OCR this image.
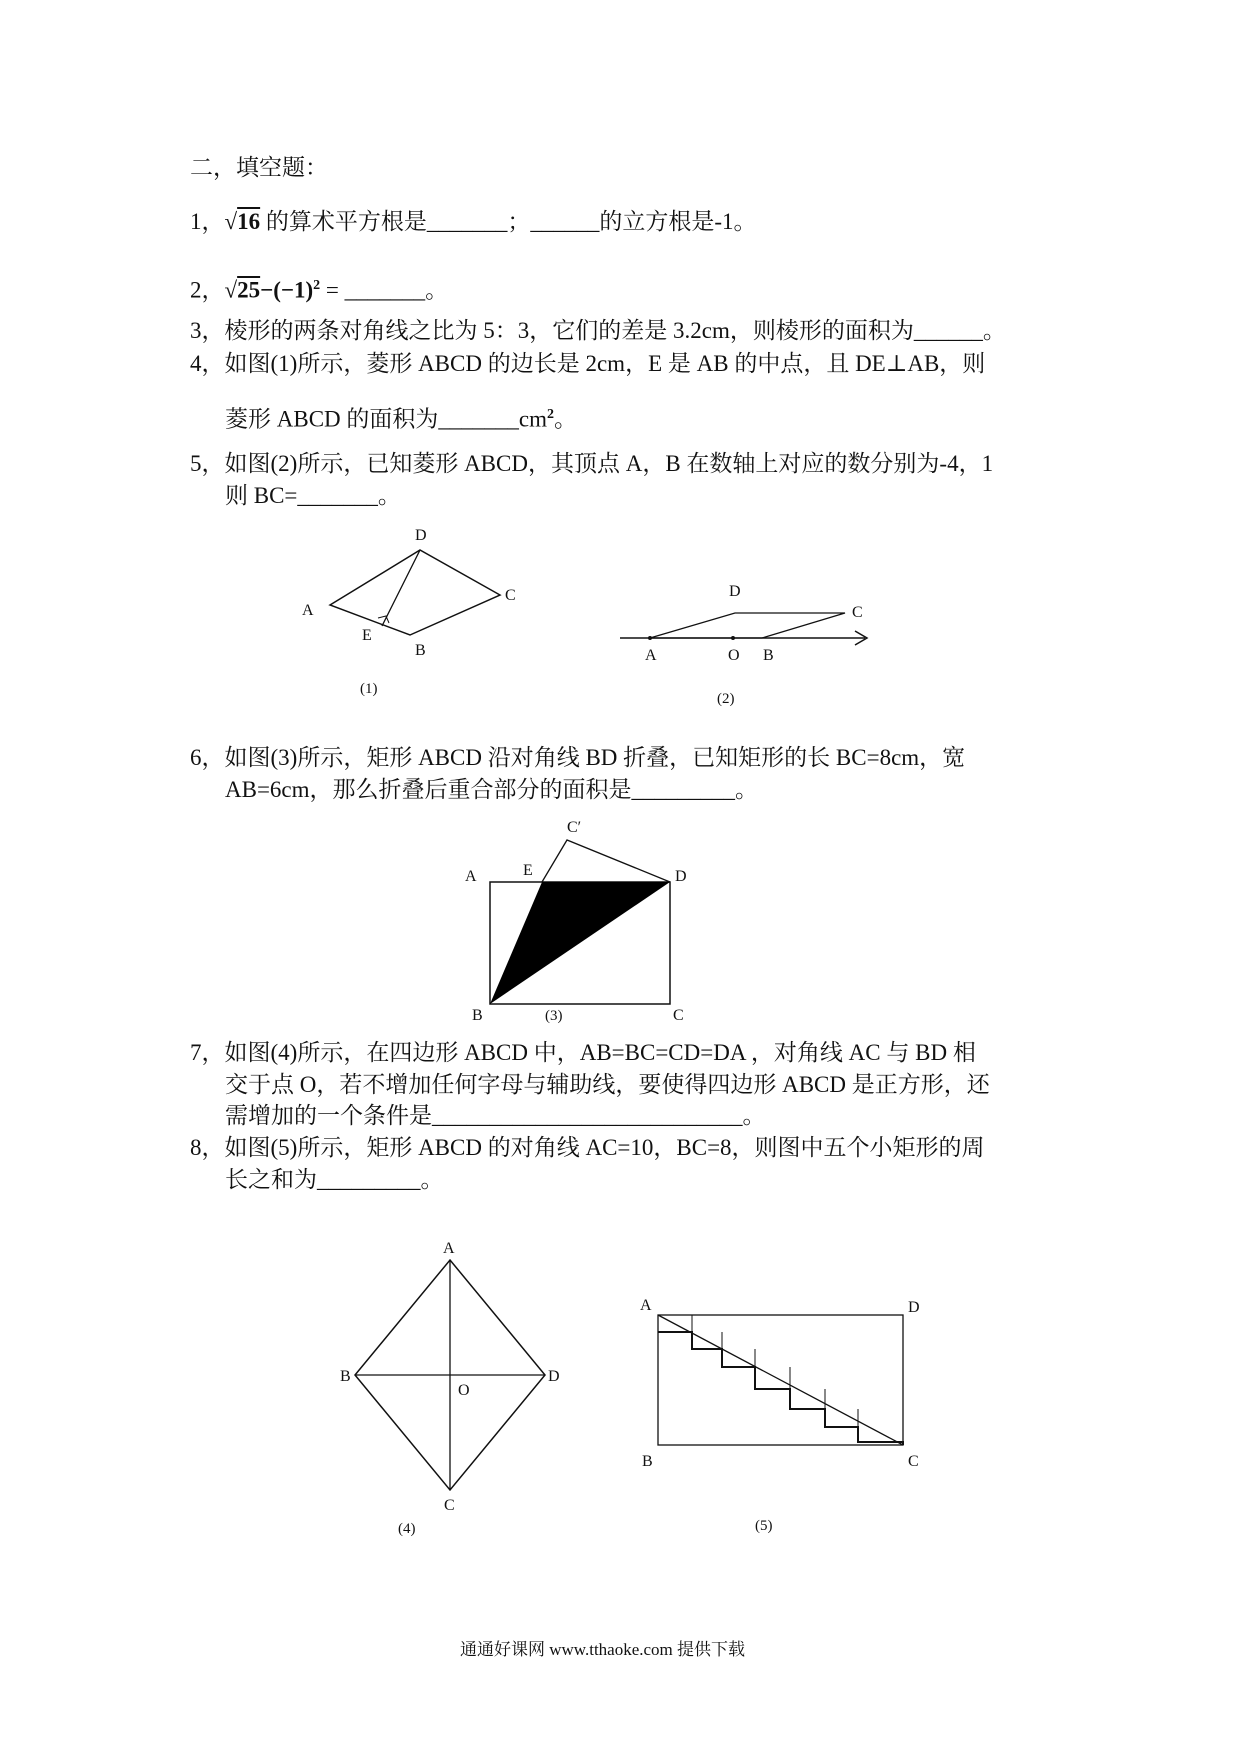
二，填空题：
1，√16 的算术平方根是_______；______的立方根是-1。
2，$√25-(-1)^2$ = _______。
3，棱形的两条对角线之比为 5：3，它们的差是 3.2cm，则棱形的面积为______。
4，如图(1)所示，菱形 ABCD 的边长是 2cm，E 是 AB 的中点，且 DE⊥AB，则
菱形 ABCD 的面积为$\_\_\_\_\_\_\_cm^2$。
5，如图(2)所示，已知菱形 ABCD，其顶点 A，B 在数轴上对应的数分别为-4，1
则 BC=_______。
A
D
C
B
E
(1)
D
C
A	O B
(2)
6，如图(3)所示，矩形 ABCD 沿对角线 BD 折叠，已知矩形的长 BC=8cm，宽
AB=6cm，那么折叠后重合部分的面积是_________。
A	E
C′
D
B	C
(3)
7，如图(4)所示，在四边形 ABCD 中，AB=BC=CD=DA ，对角线 AC 与 BD 相
交于点 O，若不增加任何字母与辅助线，要使得四边形 ABCD 是正方形，还
需增加的一个条件是___________________________。
8，如图(5)所示，矩形 ABCD 的对角线 AC=10，BC=8，则图中五个小矩形的周
长之和为_________。
A
B	D
O
C
(4)
A	D
B	C
(5)
通通好课网 www.tthaoke.com 提供下载
